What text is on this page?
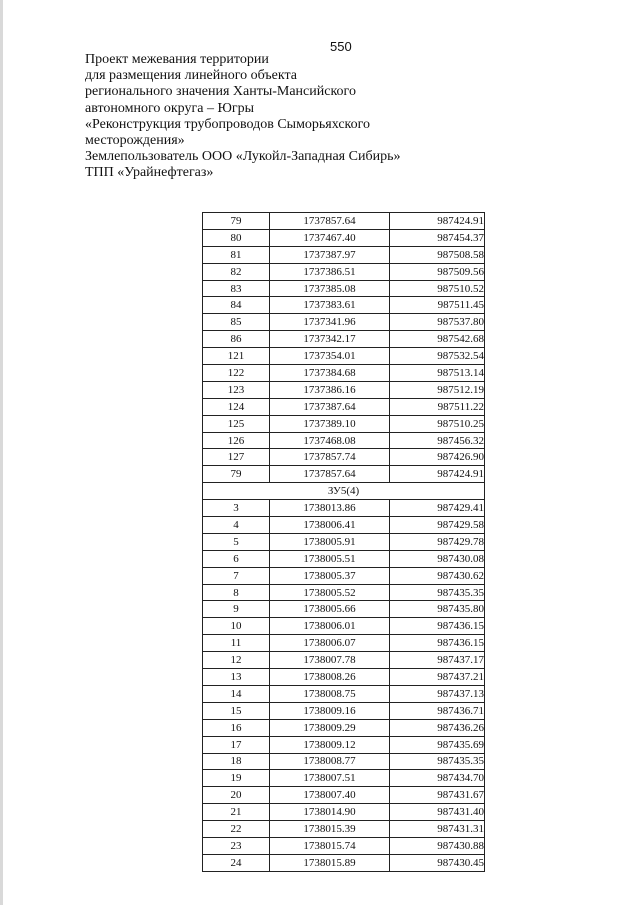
550
Проект межевания территории
для размещения линейного объекта
регионального значения Ханты-Мансийского
автономного округа – Югры
«Реконструкция трубопроводов Сыморьяхского
месторождения»
Землепользователь ООО «Лукойл-Западная Сибирь»
ТПП «Урайнефтегаз»
79	1737857.64	987424.91
80	1737467.40	987454.37
81	1737387.97	987508.58
82	1737386.51	987509.56
83	1737385.08	987510.52
84	1737383.61	987511.45
85	1737341.96	987537.80
86	1737342.17	987542.68
121	1737354.01	987532.54
122	1737384.68	987513.14
123	1737386.16	987512.19
124	1737387.64	987511.22
125	1737389.10	987510.25
126	1737468.08	987456.32
127	1737857.74	987426.90
79	1737857.64	987424.91
ЗУ5(4)		
3	1738013.86	987429.41
4	1738006.41	987429.58
5	1738005.91	987429.78
6	1738005.51	987430.08
7	1738005.37	987430.62
8	1738005.52	987435.35
9	1738005.66	987435.80
10	1738006.01	987436.15
11	1738006.07	987436.15
12	1738007.78	987437.17
13	1738008.26	987437.21
14	1738008.75	987437.13
15	1738009.16	987436.71
16	1738009.29	987436.26
17	1738009.12	987435.69
18	1738008.77	987435.35
19	1738007.51	987434.70
20	1738007.40	987431.67
21	1738014.90	987431.40
22	1738015.39	987431.31
23	1738015.74	987430.88
24	1738015.89	987430.45
